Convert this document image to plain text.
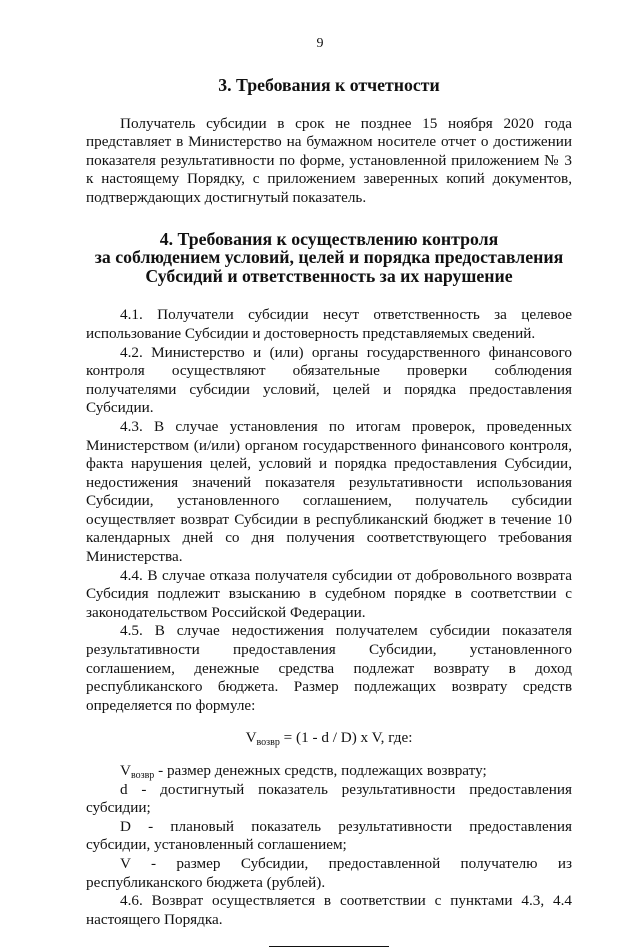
9
3. Требования к отчетности

Получатель субсидии в срок не позднее 15 ноября 2020 года представляет в Министерство на бумажном носителе отчет о достижении показателя результативности по форме, установленной приложением № 3 к настоящему Порядку, с приложением заверенных копий документов, подтверждающих достигнутый показатель.

4. Требования к осуществлению контроля
за соблюдением условий, целей и порядка предоставления
Субсидий и ответственность за их нарушение

4.1. Получатели субсидии несут ответственность за целевое использование Субсидии и достоверность представляемых сведений.

4.2. Министерство и (или) органы государственного финансового контроля осуществляют обязательные проверки соблюдения получателями субсидии условий, целей и порядка предоставления Субсидии.

4.3. В случае установления по итогам проверок, проведенных Министерством (и/или) органом государственного финансового контроля, факта нарушения целей, условий и порядка предоставления Субсидии, недостижения значений показателя результативности использования Субсидии, установленного соглашением, получатель субсидии осуществляет возврат Субсидии в республиканский бюджет в течение 10 календарных дней со дня получения соответствующего требования Министерства.

4.4. В случае отказа получателя субсидии от добровольного возврата Субсидия подлежит взысканию в судебном порядке в соответствии с законодательством Российской Федерации.

4.5. В случае недостижения получателем субсидии показателя результативности предоставления Субсидии, установленного соглашением, денежные средства подлежат возврату в доход республиканского бюджета. Размер подлежащих возврату средств определяется по формуле:

$V_{возвр} = (1 - d / D)$ x V, где:

$V_{возвр}$ - размер денежных средств, подлежащих возврату;

d - достигнутый показатель результативности предоставления субсидии;

D - плановый показатель результативности предоставления субсидии, установленный соглашением;

V - размер Субсидии, предоставленной получателю из республиканского бюджета (рублей).

4.6. Возврат осуществляется в соответствии с пунктами 4.3, 4.4 настоящего Порядка.
